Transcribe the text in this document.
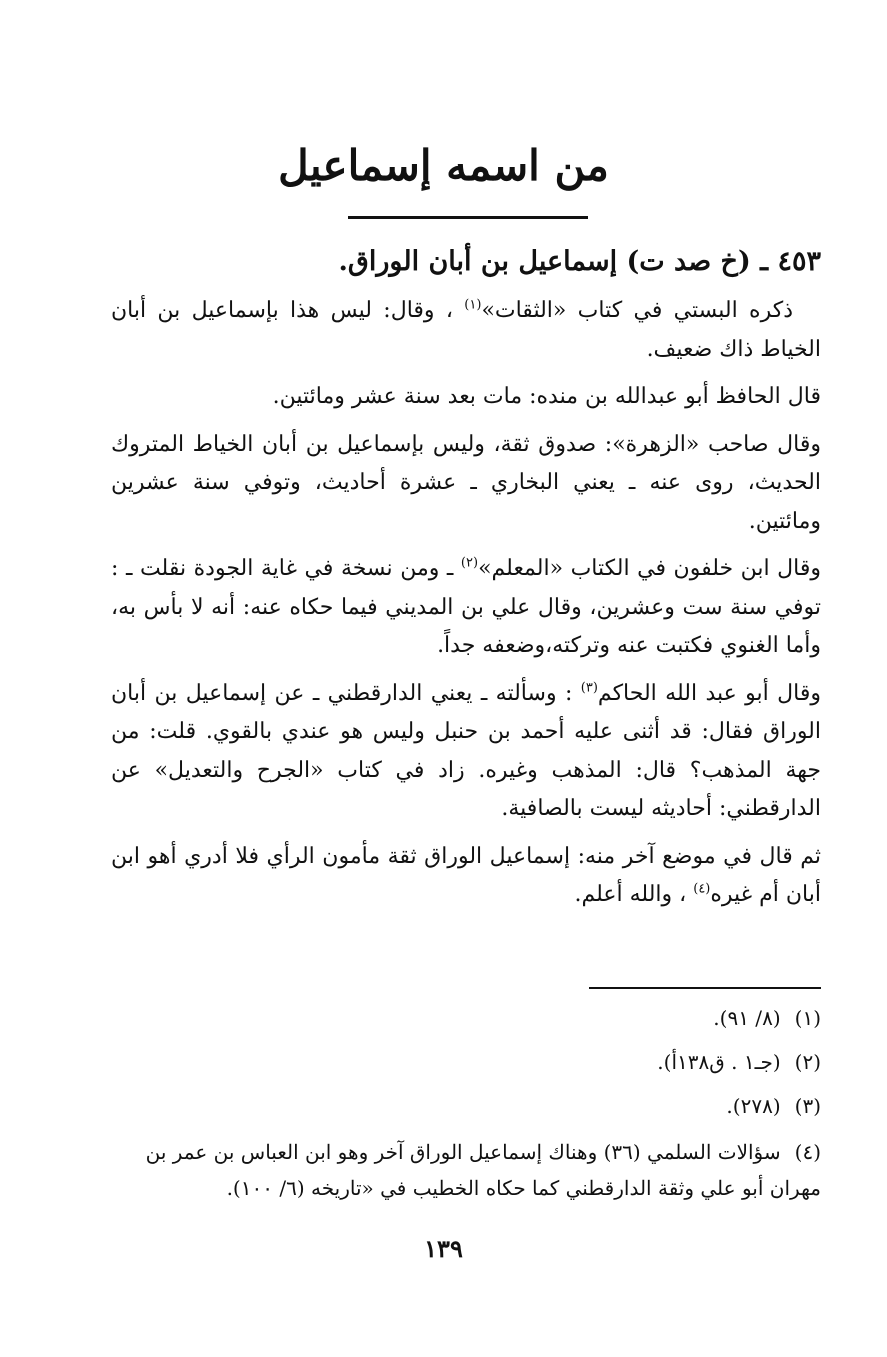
من اسمه إسماعيل
٤٥٣ ـ (خ صد ت) إسماعيل بن أبان الوراق.

ذكره البستي في كتاب «الثقات»$^{(١)}$ ، وقال: ليس هذا بإسماعيل بن أبان الخياط ذاك ضعيف.

قال الحافظ أبو عبدالله بن منده: مات بعد سنة عشر ومائتين.

وقال صاحب «الزهرة»: صدوق ثقة، وليس بإسماعيل بن أبان الخياط المتروك الحديث، روى عنه ـ يعني البخاري ـ عشرة أحاديث، وتوفي سنة عشرين ومائتين.

وقال ابن خلفون في الكتاب «المعلم»$^{(٢)}$ ـ ومن نسخة في غاية الجودة نقلت ـ : توفي سنة ست وعشرين، وقال علي بن المديني فيما حكاه عنه: أنه لا بأس به، وأما الغنوي فكتبت عنه وتركته،وضعفه جداً.

وقال أبو عبد الله الحاكم$^{(٣)}$ : وسألته ـ يعني الدارقطني ـ عن إسماعيل بن أبان الوراق فقال: قد أثنى عليه أحمد بن حنبل وليس هو عندي بالقوي. قلت: من جهة المذهب؟ قال: المذهب وغيره. زاد في كتاب «الجرح والتعديل» عن الدارقطني: أحاديثه ليست بالصافية.

ثم قال في موضع آخر منه: إسماعيل الوراق ثقة مأمون الرأي فلا أدري أهو ابن أبان أم غيره$^{(٤)}$ ، والله أعلم.

(١)(٨/ ٩١).

(٢)(جـ١ . ق١٣٨أ).

(٣)(٢٧٨).

(٤)سؤالات السلمي (٣٦) وهناك إسماعيل الوراق آخر وهو ابن العباس بن عمر بن مهران أبو علي وثقة الدارقطني كما حكاه الخطيب في «تاريخه (٦/ ١٠٠).

١٣٩
